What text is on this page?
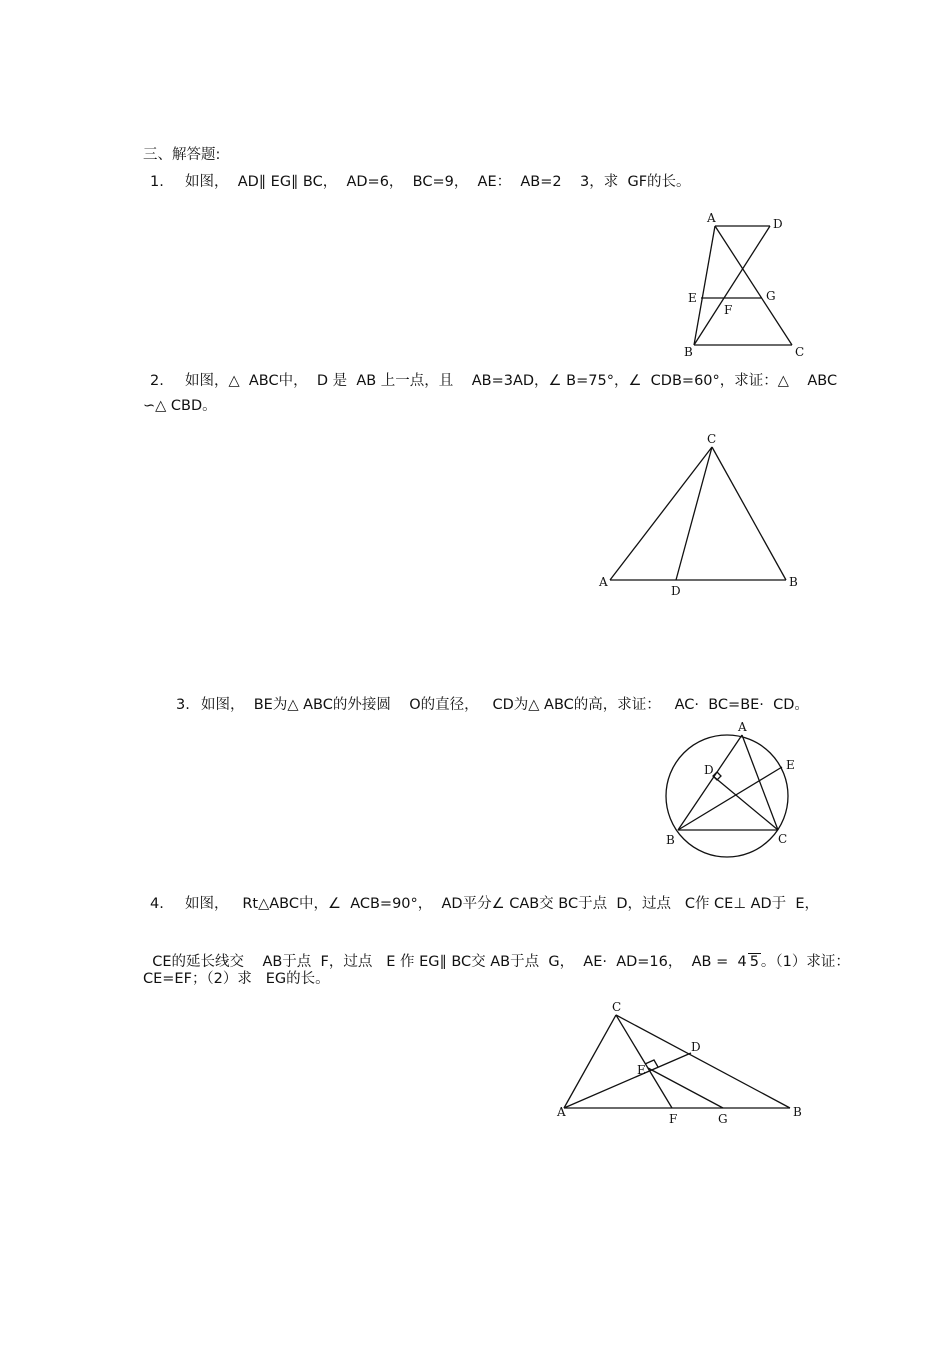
三、解答题:
1. 如图，  AD∥ EG∥ BC，  AD=6，  BC=9，  AE：  AB=2    3，求  GF的长。
A	D
E
F
G
B	C
2. 如图，△  ABC中，  D 是  AB 上一点，且    AB=3AD，∠ B=75°，∠  CDB=60°，求证：△    ABC
∽△ CBD。
C
A
D
B
3. 如图，  BE为△ ABC的外接圆    O的直径，   CD为△ ABC的高，求证：   AC·  BC=BE·  CD。
A
D	E
B	C
4. 如图，   Rt△ABC中，∠  ACB=90°，  AD平分∠ CAB交 BC于点  D，过点   C作 CE⊥ AD于  E，

CE的延长线交    AB于点  F，过点   E 作 EG∥ BC交 AB于点  G，  AE·  AD=16，  AB =  4 5 。（1）求证：

CE=EF；（2）求   EG的长。
C
D
E
A	F	G	B
